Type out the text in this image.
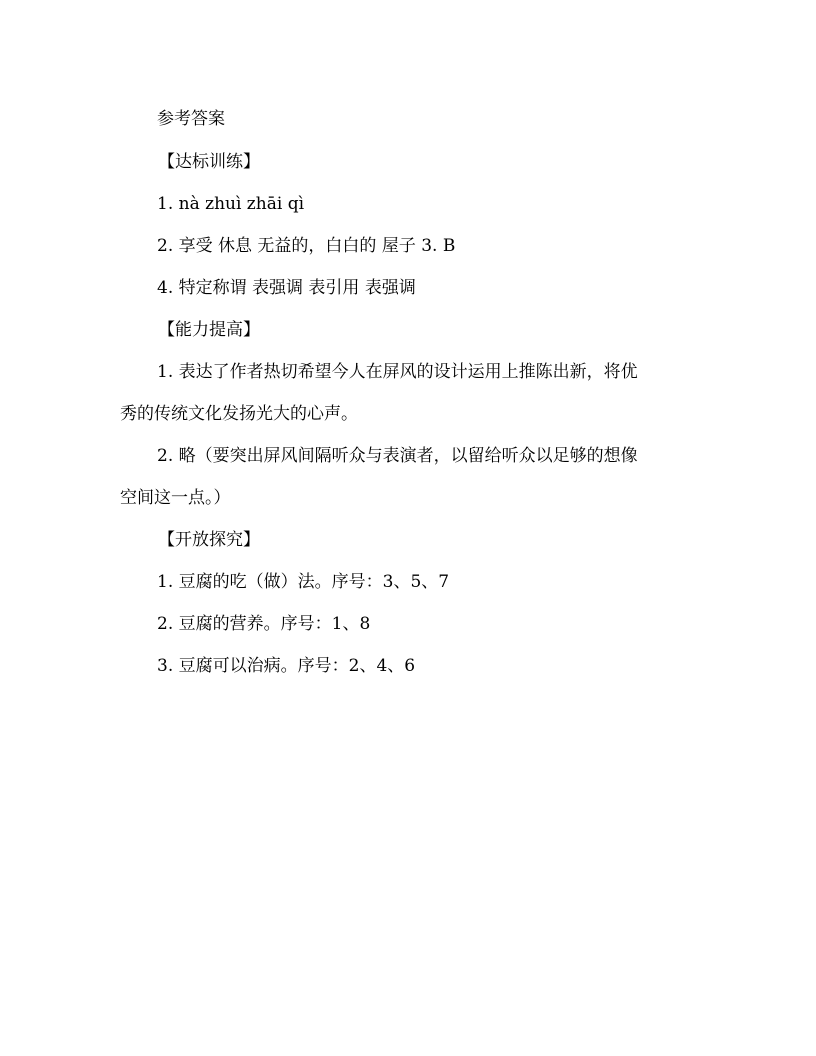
参考答案
【达标训练】
1. nà zhuì zhāi qì
2. 享受 休息 无益的，白白的 屋子 3. B
4. 特定称谓 表强调 表引用 表强调
【能力提高】
1. 表达了作者热切希望今人在屏风的设计运用上推陈出新，将优
秀的传统文化发扬光大的心声。
2. 略（要突出屏风间隔听众与表演者，以留给听众以足够的想像
空间这一点。）
【开放探究】
1. 豆腐的吃（做）法。序号：3、5、7
2. 豆腐的营养。序号：1、8
3. 豆腐可以治病。序号：2、4、6
